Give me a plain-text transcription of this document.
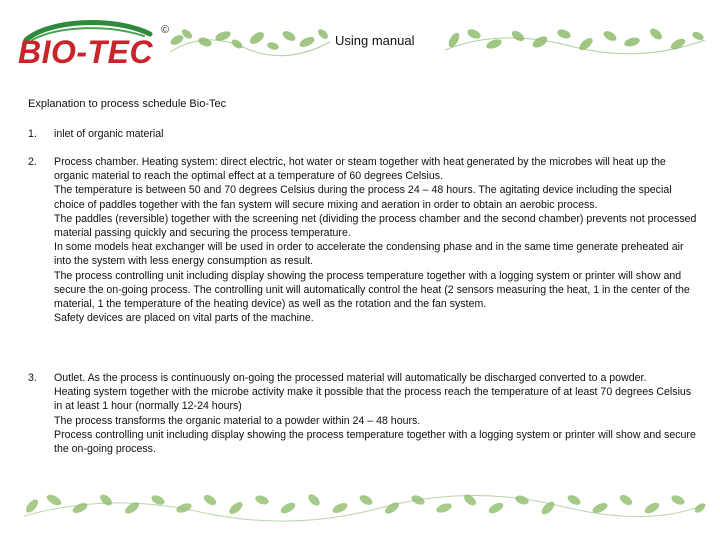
BIO-TEC
©
Using manual
Explanation to process schedule Bio-Tec
1. inlet of organic material
2. Process chamber. Heating system: direct electric, hot water or steam together with heat generated by the microbes will heat up the organic material to reach the optimal effect at a temperature of 60 degrees Celsius.
The temperature is between 50 and 70 degrees Celsius during the process 24 – 48 hours. The agitating device including the special choice of paddles together with the fan system will secure mixing and aeration in order to obtain an aerobic process.
The paddles (reversible) together with the screening net (dividing the process chamber and the second chamber) prevents not processed material passing quickly and securing the process temperature.
In some models heat exchanger will be used in order to accelerate the condensing phase and in the same time generate preheated air into the system with less energy consumption as result.
The process controlling unit including display showing the process temperature together with a logging system or printer will show and secure the on-going process. The controlling unit will automatically control the heat (2 sensors measuring the heat, 1 in the center of the material, 1 the temperature of the heating device) as well as the rotation and the fan system.
Safety devices are placed on vital parts of the machine.
3. Outlet. As the process is continuously on-going the processed material will automatically be discharged converted to a powder.
Heating system together with the microbe activity make it possible that the process reach the temperature of at least 70 degrees Celsius in at least 1 hour (normally 12-24 hours)
The process transforms the organic material to a powder within 24 – 48 hours.
Process controlling unit including display showing the process temperature together with a logging system or printer will show and secure the on-going process.
